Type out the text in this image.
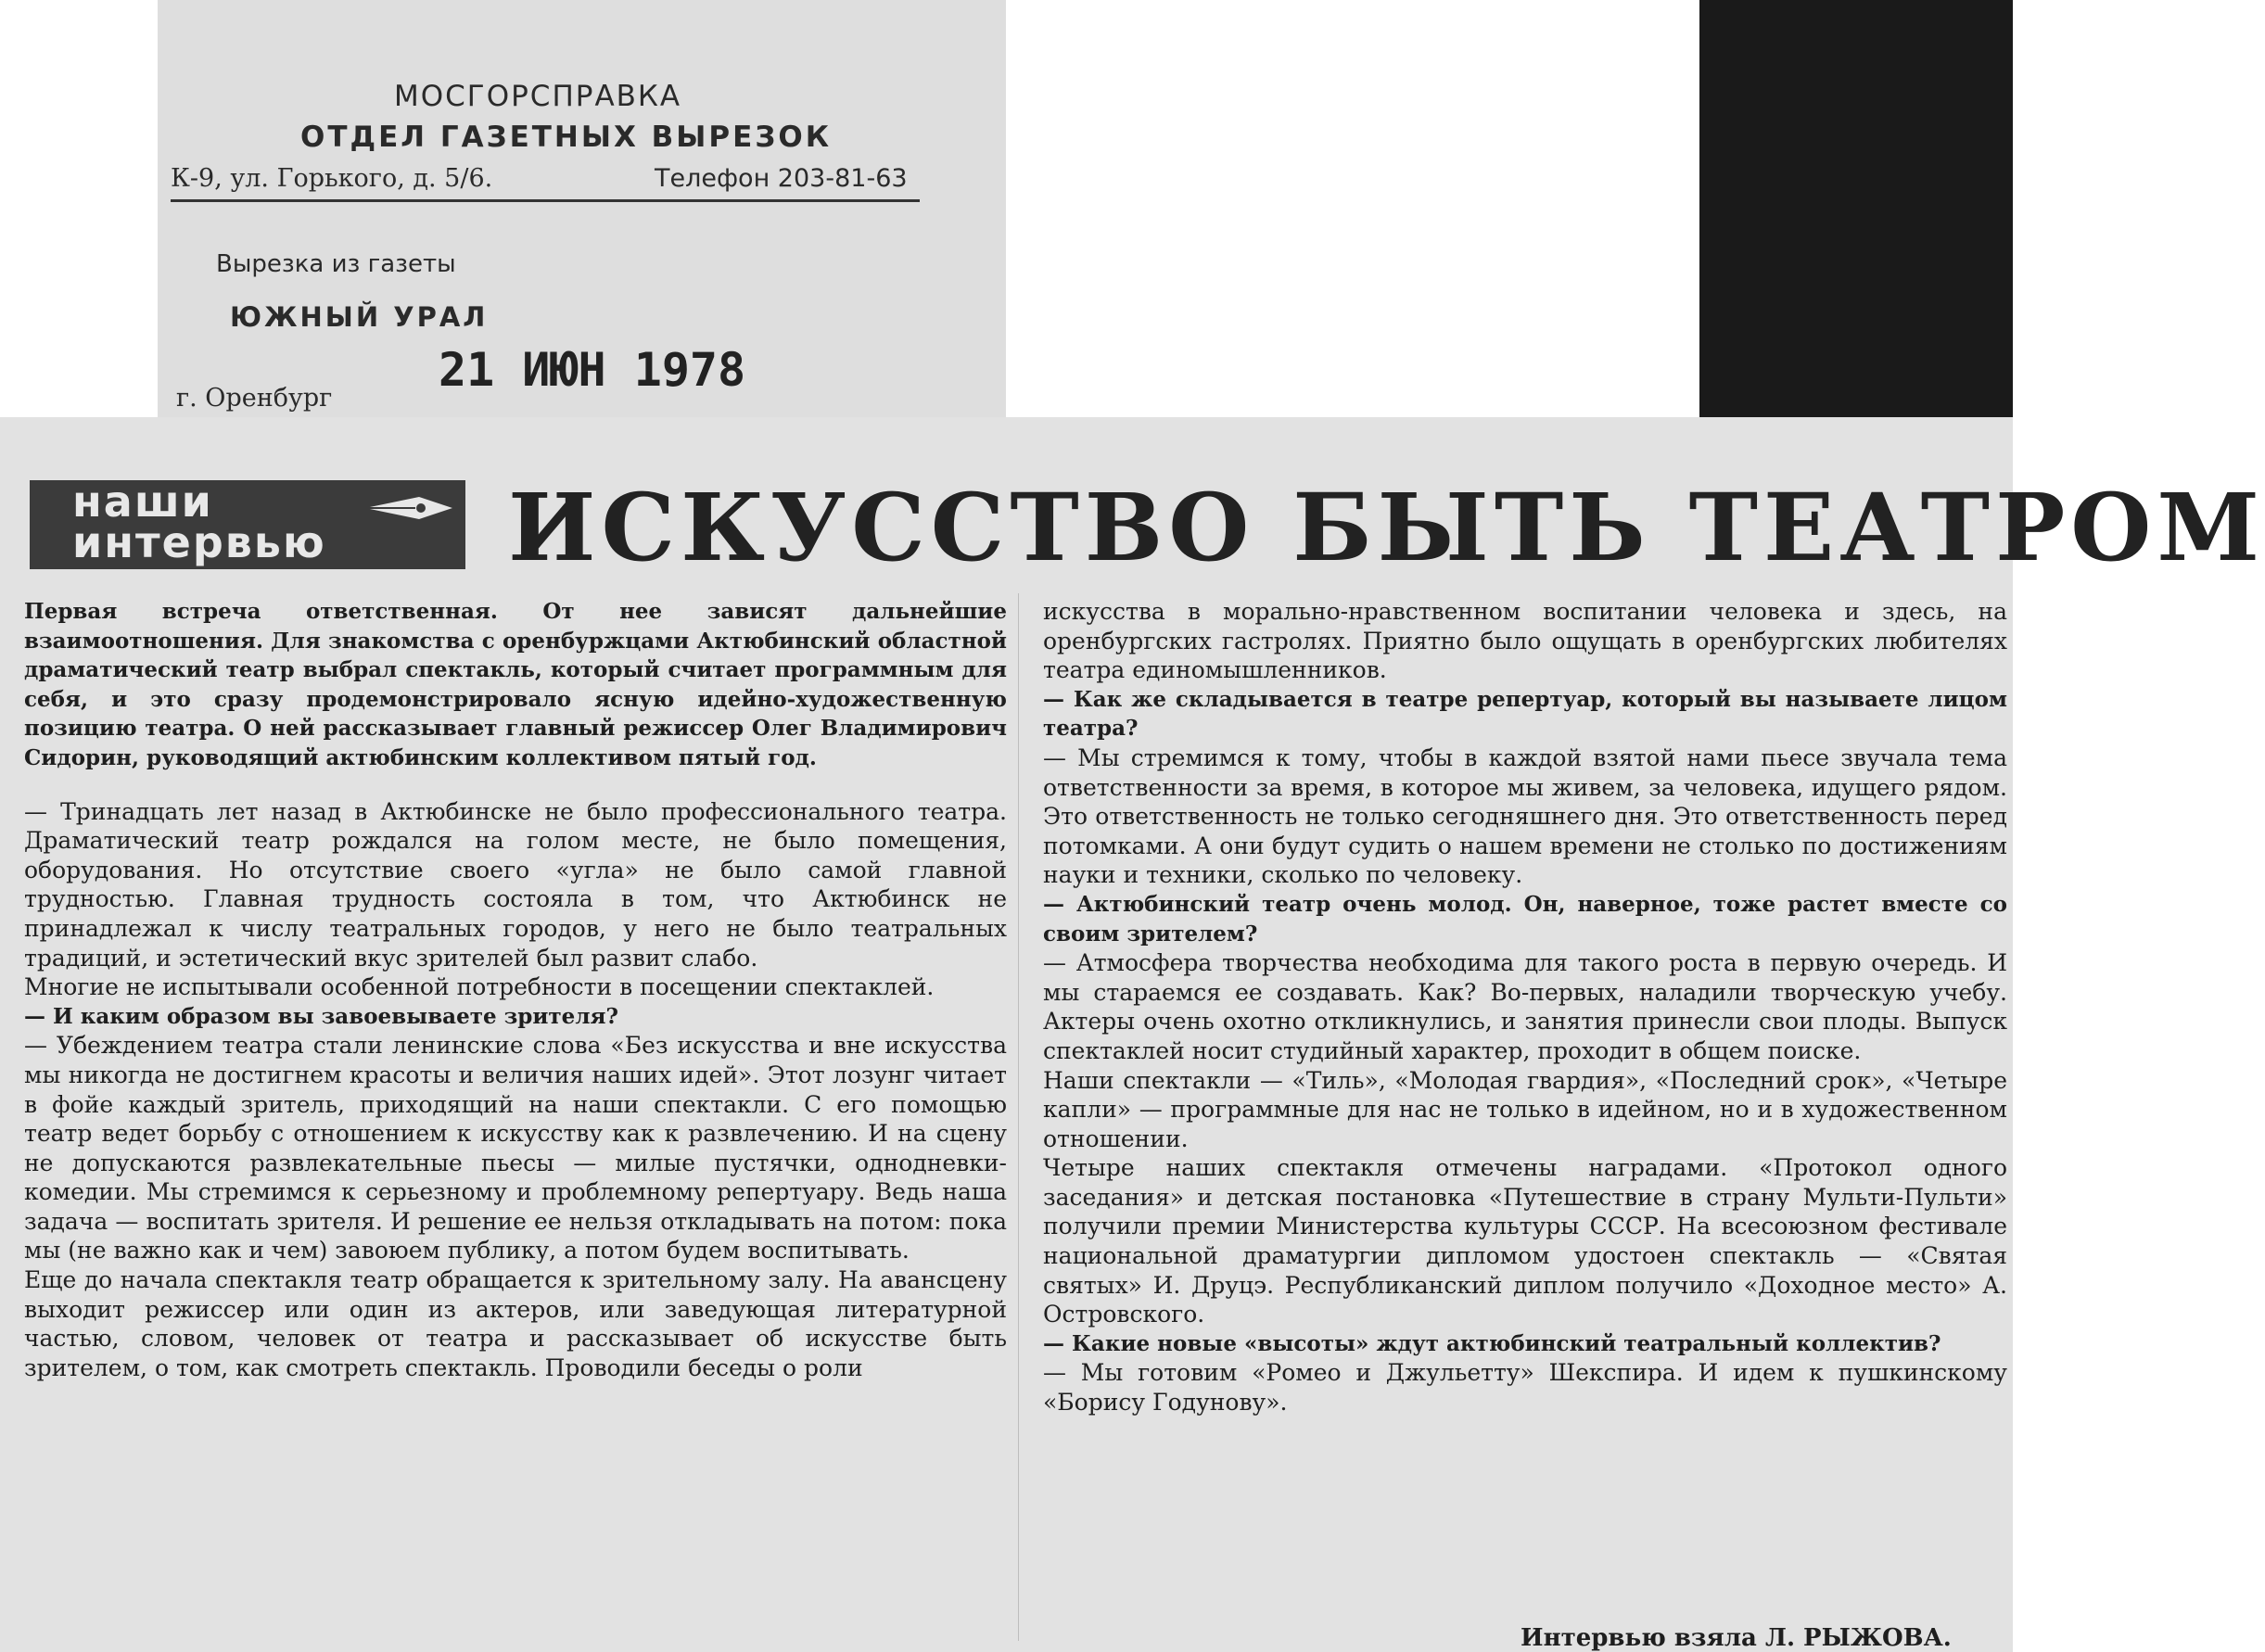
МОСГОРСПРАВКА
ОТДЕЛ ГАЗЕТНЫХ ВЫРЕЗОК
К-9, ул. Горького, д. 5/6.	Телефон 203-81-63
Вырезка из газеты
ЮЖНЫЙ УРАЛ
21 ИЮН 1978
г. Оренбург
наши
интервью ИСКУССТВО БЫТЬ ТЕАТРОМ

Первая встреча ответственная. От нее зависят дальнейшие взаимоотношения. Для знакомства с оренбуржцами Актюбинский областной драматический театр выбрал спектакль, который считает программным для себя, и это сразу продемонстрировало ясную идейно-художественную позицию театра. О ней рассказывает главный режиссер Олег Владимирович Сидорин, руководящий актюбинским коллективом пятый год.

— Тринадцать лет назад в Актюбинске не было профессионального театра. Драматический театр рождался на голом месте, не было помещения, оборудования. Но отсутствие своего «угла» не было самой главной трудностью. Главная трудность состояла в том, что Актюбинск не принадлежал к числу театральных городов, у него не было театральных традиций, и эстетический вкус зрителей был развит слабо.

Многие не испытывали особенной потребности в посещении спектаклей.

— И каким образом вы завоевываете зрителя?

— Убеждением театра стали ленинские слова «Без искусства и вне искусства мы никогда не достигнем красоты и величия наших идей». Этот лозунг читает в фойе каждый зритель, приходящий на наши спектакли. С его помощью театр ведет борьбу с отношением к искусству как к развлечению. И на сцену не допускаются развлекательные пьесы — милые пустячки, однодневки-комедии. Мы стремимся к серьезному и проблемному репертуару. Ведь наша задача — воспитать зрителя. И решение ее нельзя откладывать на потом: пока мы (не важно как и чем) завоюем публику, а потом будем воспитывать.

Еще до начала спектакля театр обращается к зрительному залу. На авансцену выходит режиссер или один из актеров, или заведующая литературной частью, словом, человек от театра и рассказывает об искусстве быть зрителем, о том, как смотреть спектакль. Проводили беседы о роли

искусства в морально-нравственном воспитании человека и здесь, на оренбургских гастролях. Приятно было ощущать в оренбургских любителях театра единомышленников.

— Как же складывается в театре репертуар, который вы называете лицом театра?

— Мы стремимся к тому, чтобы в каждой взятой нами пьесе звучала тема ответственности за время, в которое мы живем, за человека, идущего рядом. Это ответственность не только сегодняшнего дня. Это ответственность перед потомками. А они будут судить о нашем времени не столько по достижениям науки и техники, сколько по человеку.

— Актюбинский театр очень молод. Он, наверное, тоже растет вместе со своим зрителем?

— Атмосфера творчества необходима для такого роста в первую очередь. И мы стараемся ее создавать. Как? Во-первых, наладили творческую учебу. Актеры очень охотно откликнулись, и занятия принесли свои плоды. Выпуск спектаклей носит студийный характер, проходит в общем поиске.

Наши спектакли — «Тиль», «Молодая гвардия», «Последний срок», «Четыре капли» — программные для нас не только в идейном, но и в художественном отношении.

Четыре наших спектакля отмечены наградами. «Протокол одного заседания» и детская постановка «Путешествие в страну Мульти-Пульти» получили премии Министерства культуры СССР. На всесоюзном фестивале национальной драматургии дипломом удостоен спектакль — «Святая святых» И. Друцэ. Республиканский диплом получило «Доходное место» А. Островского.

— Какие новые «высоты» ждут актюбинский театральный коллектив?

— Мы готовим «Ромео и Джульетту» Шекспира. И идем к пушкинскому «Борису Годунову».

Интервью взяла Л. РЫЖОВА.
